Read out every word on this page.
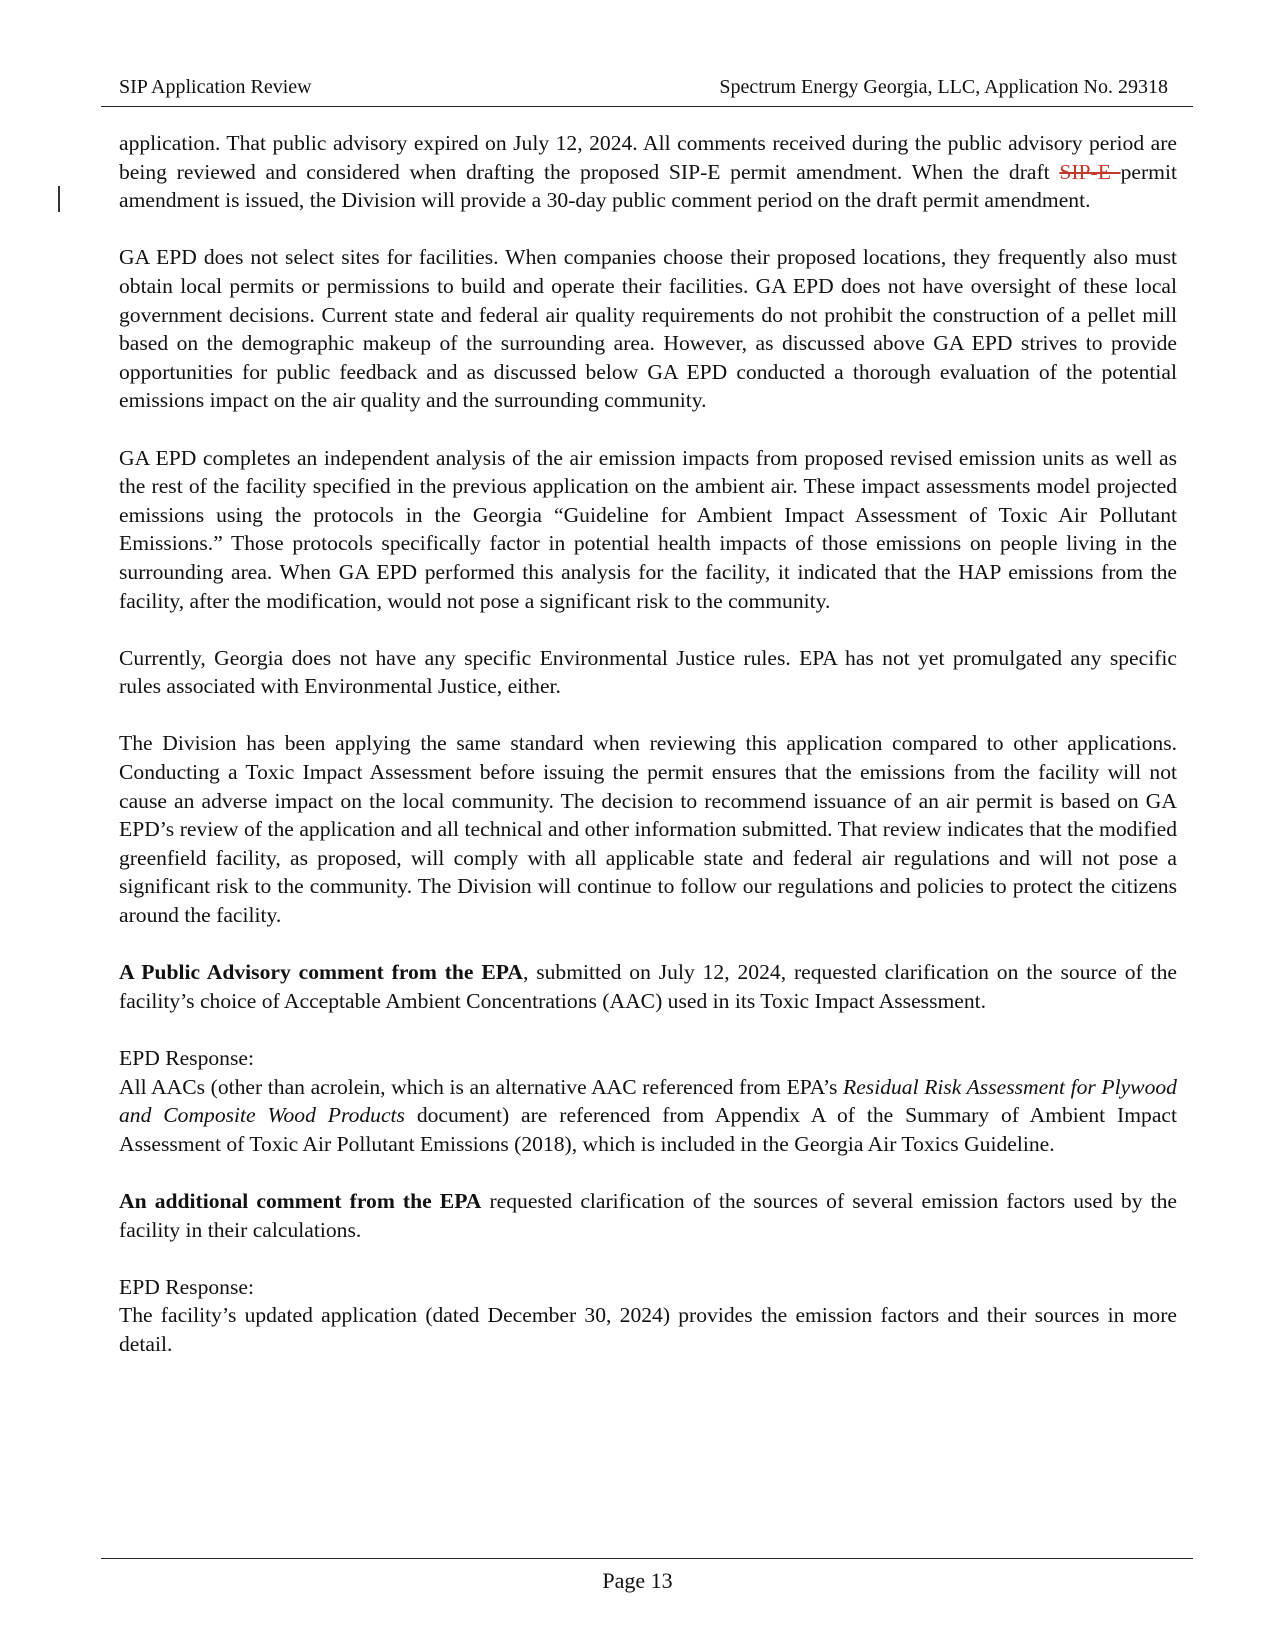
SIP Application Review	Spectrum Energy Georgia, LLC, Application No. 29318

application. That public advisory expired on July 12, 2024. All comments received during the public advisory period are being reviewed and considered when drafting the proposed SIP-E permit amendment. When the draft SIP-E permit amendment is issued, the Division will provide a 30-day public comment period on the draft permit amendment.

GA EPD does not select sites for facilities. When companies choose their proposed locations, they frequently also must obtain local permits or permissions to build and operate their facilities. GA EPD does not have oversight of these local government decisions. Current state and federal air quality requirements do not prohibit the construction of a pellet mill based on the demographic makeup of the surrounding area. However, as discussed above GA EPD strives to provide opportunities for public feedback and as discussed below GA EPD conducted a thorough evaluation of the potential emissions impact on the air quality and the surrounding community.

GA EPD completes an independent analysis of the air emission impacts from proposed revised emission units as well as the rest of the facility specified in the previous application on the ambient air. These impact assessments model projected emissions using the protocols in the Georgia “Guideline for Ambient Impact Assessment of Toxic Air Pollutant Emissions.” Those protocols specifically factor in potential health impacts of those emissions on people living in the surrounding area. When GA EPD performed this analysis for the facility, it indicated that the HAP emissions from the facility, after the modification, would not pose a significant risk to the community.

Currently, Georgia does not have any specific Environmental Justice rules. EPA has not yet promulgated any specific rules associated with Environmental Justice, either.

The Division has been applying the same standard when reviewing this application compared to other applications. Conducting a Toxic Impact Assessment before issuing the permit ensures that the emissions from the facility will not cause an adverse impact on the local community. The decision to recommend issuance of an air permit is based on GA EPD’s review of the application and all technical and other information submitted. That review indicates that the modified greenfield facility, as proposed, will comply with all applicable state and federal air regulations and will not pose a significant risk to the community. The Division will continue to follow our regulations and policies to protect the citizens around the facility.

A Public Advisory comment from the EPA, submitted on July 12, 2024, requested clarification on the source of the facility’s choice of Acceptable Ambient Concentrations (AAC) used in its Toxic Impact Assessment.

EPD Response:

All AACs (other than acrolein, which is an alternative AAC referenced from EPA’s Residual Risk Assessment for Plywood and Composite Wood Products document) are referenced from Appendix A of the Summary of Ambient Impact Assessment of Toxic Air Pollutant Emissions (2018), which is included in the Georgia Air Toxics Guideline.

An additional comment from the EPA requested clarification of the sources of several emission factors used by the facility in their calculations.

EPD Response:

The facility’s updated application (dated December 30, 2024) provides the emission factors and their sources in more detail.

Page 13
